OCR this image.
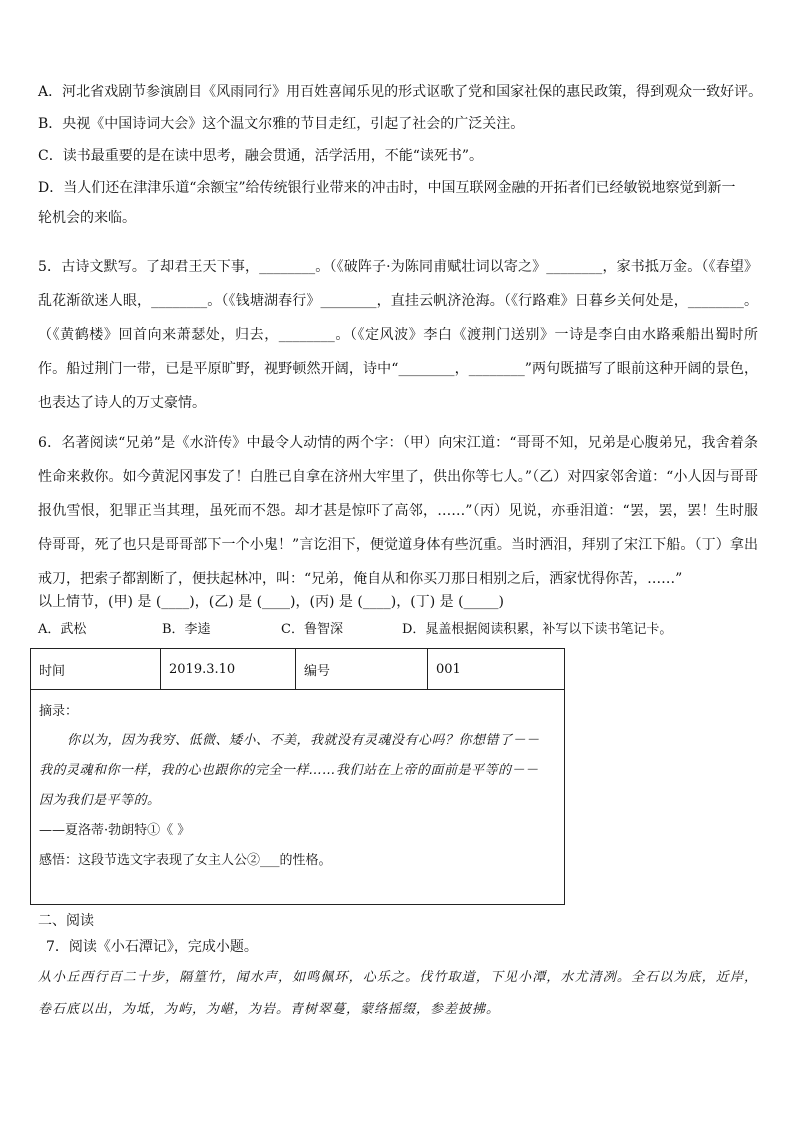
A．河北省戏剧节参演剧目《风雨同行》用百姓喜闻乐见的形式讴歌了党和国家社保的惠民政策，得到观众一致好评。
B．央视《中国诗词大会》这个温文尔雅的节目走红，引起了社会的广泛关注。
C．读书最重要的是在读中思考，融会贯通，活学活用，不能“读死书”。
D．当人们还在津津乐道“余额宝”给传统银行业带来的冲击时，中国互联网金融的开拓者们已经敏锐地察觉到新一
轮机会的来临。
5．古诗文默写。了却君王天下事，________。（《破阵子·为陈同甫赋壮词以寄之》________，家书抵万金。（《春望》乱花渐欲迷人眼，________。（《钱塘湖春行》________，直挂云帆济沧海。（《行路难》日暮乡关何处是，________。（《黄鹤楼》回首向来萧瑟处，归去，________。（《定风波》李白《渡荆门送别》一诗是李白由水路乘船出蜀时所作。船过荆门一带，已是平原旷野，视野顿然开阔，诗中“________，________”两句既描写了眼前这种开阔的景色，也表达了诗人的万丈豪情。
6．名著阅读“兄弟”是《水浒传》中最令人动情的两个字：（甲）向宋江道：“哥哥不知，兄弟是心腹弟兄，我舍着条性命来救你。如今黄泥冈事发了！白胜已自拿在济州大牢里了，供出你等七人。”（乙）对四家邻舍道：“小人因与哥哥报仇雪恨，犯罪正当其理，虽死而不怨。却才甚是惊吓了高邻，……”（丙）见说，亦垂泪道：“罢，罢，罢！生时服侍哥哥，死了也只是哥哥部下一个小鬼！”言讫泪下，便觉道身体有些沉重。当时洒泪，拜别了宋江下船。（丁）拿出戒刀，把索子都割断了，便扶起林冲，叫：“兄弟，俺自从和你买刀那日相别之后，洒家忧得你苦，……”
以上情节，(甲) 是 (____)，(乙) 是 (____)，(丙) 是 (____)，(丁) 是 (_____)
A．武松	B．李逵	C．鲁智深	D．晁盖根据阅读积累，补写以下读书笔记卡。
时间	2019.3.10	编号	001

摘录：
你以为，因为我穷、低微、矮小、不美，我就没有灵魂没有心吗？你想错了－－
我的灵魂和你一样，我的心也跟你的完全一样……我们站在上帝的面前是平等的－－
因为我们是平等的。
——夏洛蒂·勃朗特①《 》
感悟：这段节选文字表现了女主人公②___的性格。
二、阅读
7．阅读《小石潭记》，完成小题。
从小丘西行百二十步，隔篁竹，闻水声，如鸣佩环，心乐之。伐竹取道，下见小潭，水尤清冽。全石以为底，近岸，卷石底以出，为坻，为屿，为嵁，为岩。青树翠蔓，蒙络摇缀，参差披拂。
